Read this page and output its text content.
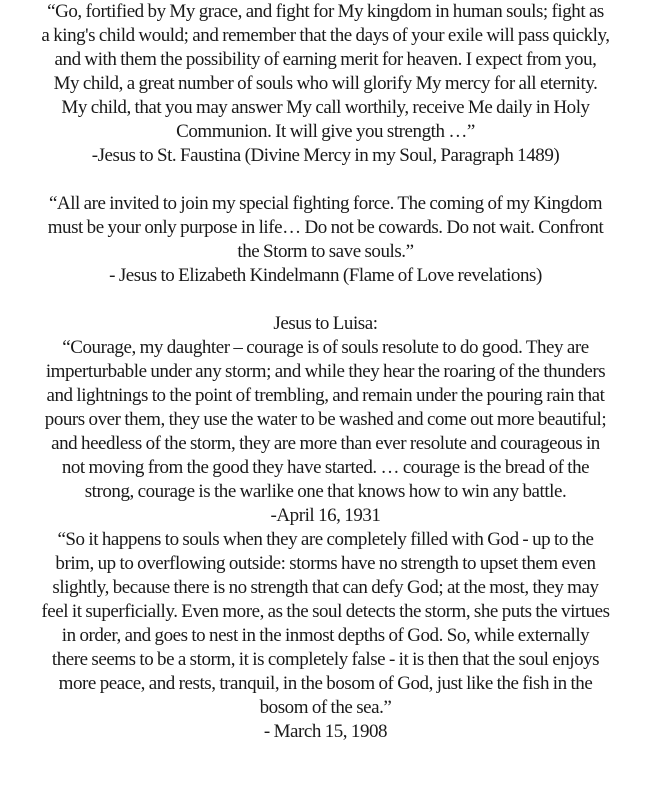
“Go, fortified by My grace, and fight for My kingdom in human souls; fight as
a king's child would; and remember that the days of your exile will pass quickly,
and with them the possibility of earning merit for heaven. I expect from you,
My child, a great number of souls who will glorify My mercy for all eternity.
My child, that you may answer My call worthily, receive Me daily in Holy
Communion. It will give you strength …”
-Jesus to St. Faustina (Divine Mercy in my Soul, Paragraph 1489)
“All are invited to join my special fighting force. The coming of my Kingdom
must be your only purpose in life… Do not be cowards. Do not wait. Confront
the Storm to save souls.”
- Jesus to Elizabeth Kindelmann (Flame of Love revelations)
Jesus to Luisa:
“Courage, my daughter – courage is of souls resolute to do good. They are
imperturbable under any storm; and while they hear the roaring of the thunders
and lightnings to the point of trembling, and remain under the pouring rain that
pours over them, they use the water to be washed and come out more beautiful;
and heedless of the storm, they are more than ever resolute and courageous in
not moving from the good they have started. … courage is the bread of the
strong, courage is the warlike one that knows how to win any battle.
-April 16, 1931
“So it happens to souls when they are completely filled with God - up to the
brim, up to overflowing outside: storms have no strength to upset them even
slightly, because there is no strength that can defy God; at the most, they may
feel it superficially. Even more, as the soul detects the storm, she puts the virtues
in order, and goes to nest in the inmost depths of God. So, while externally
there seems to be a storm, it is completely false - it is then that the soul enjoys
more peace, and rests, tranquil, in the bosom of God, just like the fish in the
bosom of the sea.”
- March 15, 1908
